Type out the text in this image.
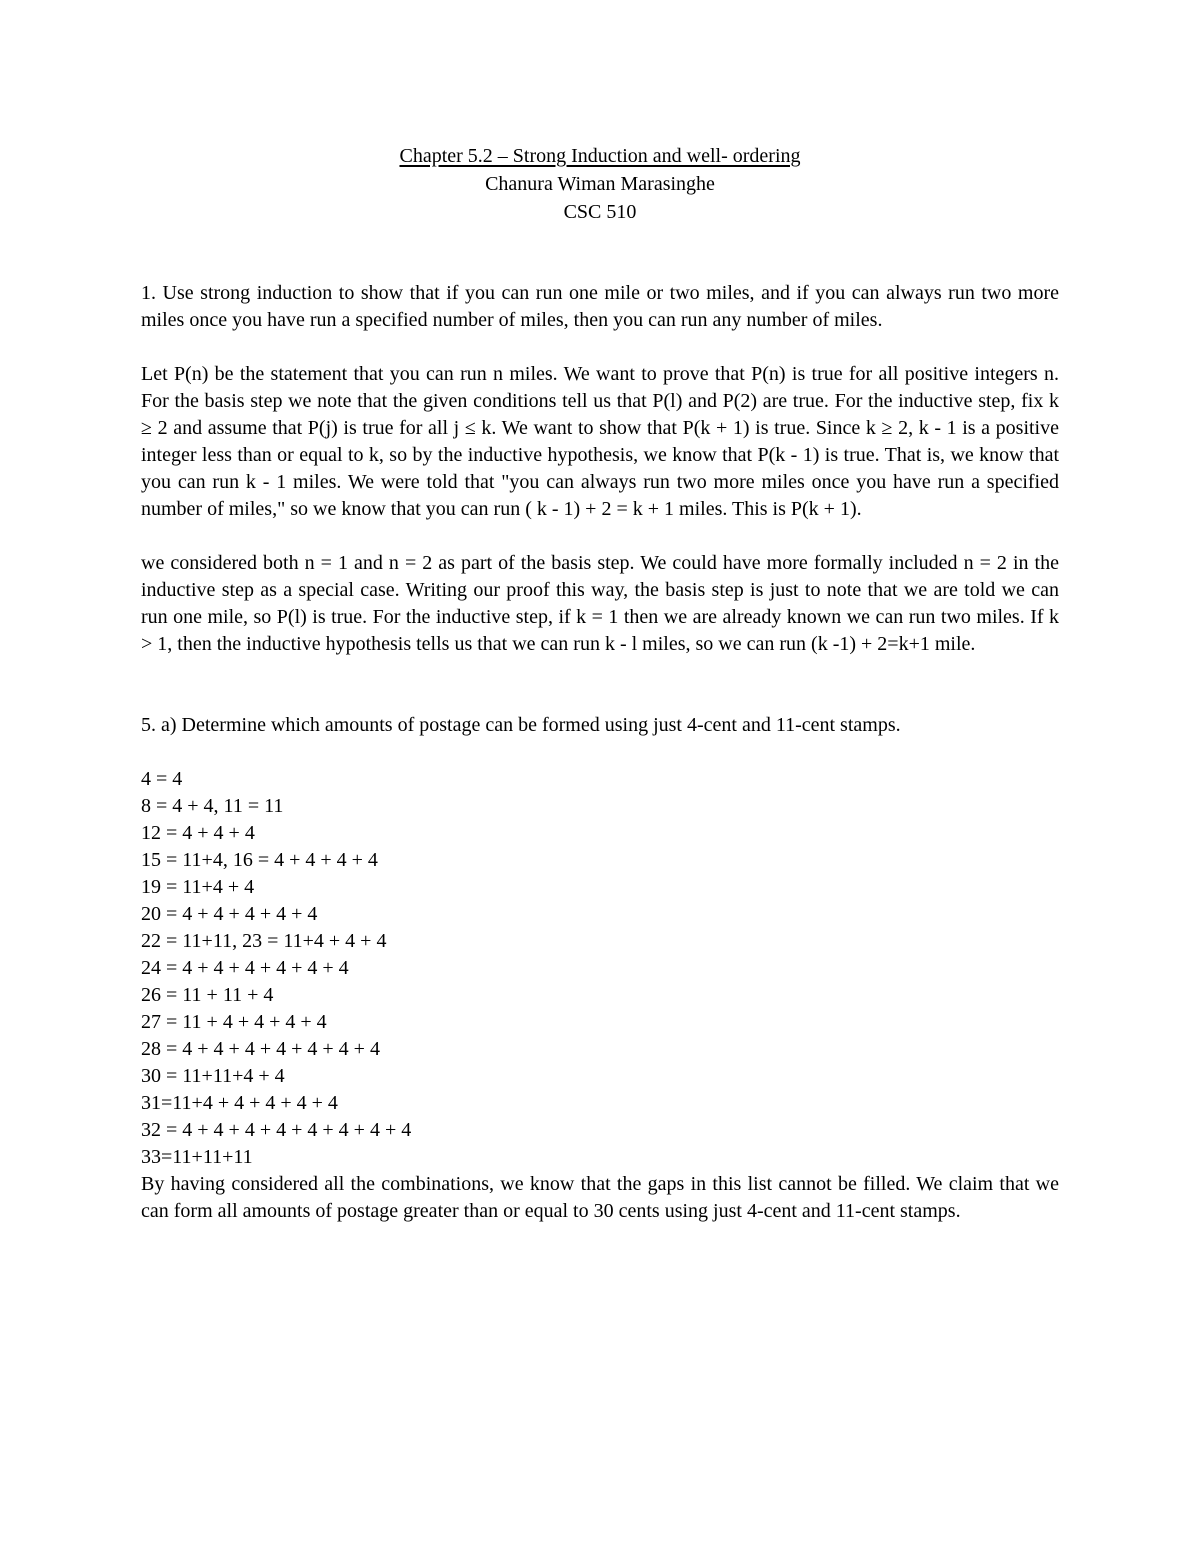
Chapter 5.2 – Strong Induction and well- ordering
Chanura Wiman Marasinghe
CSC 510

1. Use strong induction to show that if you can run one mile or two miles, and if you can always run two more miles once you have run a specified number of miles, then you can run any number of miles.

Let P(n) be the statement that you can run n miles. We want to prove that P(n) is true for all positive integers n. For the basis step we note that the given conditions tell us that P(l) and P(2) are true. For the inductive step, fix k ≥ 2 and assume that P(j) is true for all j ≤ k. We want to show that P(k + 1) is true. Since k ≥ 2, k - 1 is a positive integer less than or equal to k, so by the inductive hypothesis, we know that P(k - 1) is true. That is, we know that you can run k - 1 miles. We were told that "you can always run two more miles once you have run a specified number of miles," so we know that you can run ( k - 1) + 2 = k + 1 miles. This is P(k + 1).

we considered both n = 1 and n = 2 as part of the basis step. We could have more formally included n = 2 in the inductive step as a special case. Writing our proof this way, the basis step is just to note that we are told we can run one mile, so P(l) is true. For the inductive step, if k = 1 then we are already known we can run two miles. If k > 1, then the inductive hypothesis tells us that we can run k - l miles, so we can run (k -1) + 2=k+1 mile.

5. a) Determine which amounts of postage can be formed using just 4-cent and 11-cent stamps.

4 = 4
8 = 4 + 4, 11 = 11
12 = 4 + 4 + 4
15 = 11+4, 16 = 4 + 4 + 4 + 4
19 = 11+4 + 4
20 = 4 + 4 + 4 + 4 + 4
22 = 11+11, 23 = 11+4 + 4 + 4
24 = 4 + 4 + 4 + 4 + 4 + 4
26 = 11 + 11 + 4
27 = 11 + 4 + 4 + 4 + 4
28 = 4 + 4 + 4 + 4 + 4 + 4 + 4
30 = 11+11+4 + 4
31=11+4 + 4 + 4 + 4 + 4
32 = 4 + 4 + 4 + 4 + 4 + 4 + 4 + 4
33=11+11+11

By having considered all the combinations, we know that the gaps in this list cannot be filled. We claim that we can form all amounts of postage greater than or equal to 30 cents using just 4-cent and 11-cent stamps.
